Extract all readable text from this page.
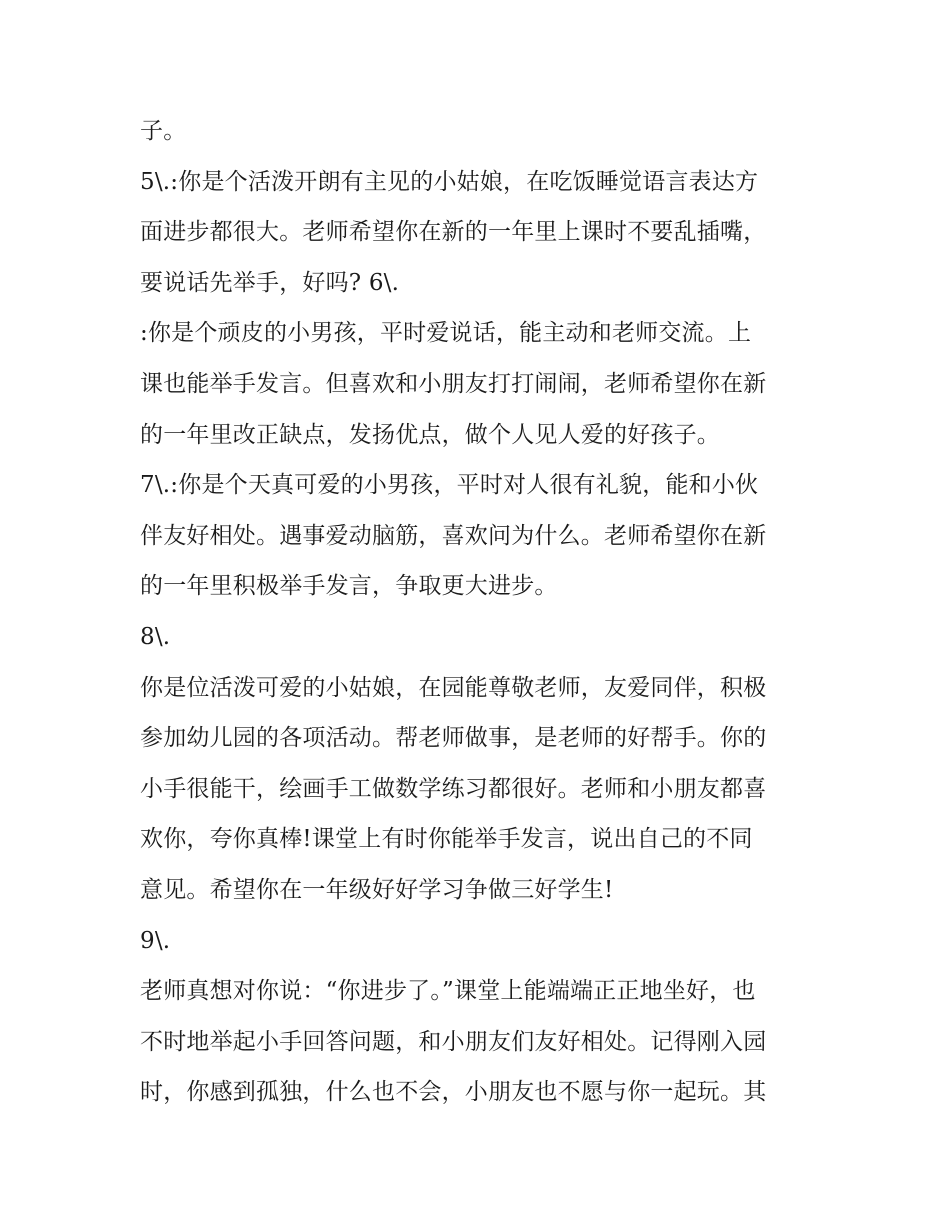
子。
5\.:你是个活泼开朗有主见的小姑娘，在吃饭睡觉语言表达方
面进步都很大。老师希望你在新的一年里上课时不要乱插嘴，
要说话先举手，好吗? 6\.
:你是个顽皮的小男孩，平时爱说话，能主动和老师交流。上
课也能举手发言。但喜欢和小朋友打打闹闹，老师希望你在新
的一年里改正缺点，发扬优点，做个人见人爱的好孩子。
7\.:你是个天真可爱的小男孩，平时对人很有礼貌，能和小伙
伴友好相处。遇事爱动脑筋，喜欢问为什么。老师希望你在新
的一年里积极举手发言，争取更大进步。
8\.
你是位活泼可爱的小姑娘，在园能尊敬老师，友爱同伴，积极
参加幼儿园的各项活动。帮老师做事，是老师的好帮手。你的
小手很能干，绘画手工做数学练习都很好。老师和小朋友都喜
欢你，夸你真棒!课堂上有时你能举手发言，说出自己的不同
意见。希望你在一年级好好学习争做三好学生!
9\.
老师真想对你说：“你进步了。”课堂上能端端正正地坐好，也
不时地举起小手回答问题，和小朋友们友好相处。记得刚入园
时，你感到孤独，什么也不会，小朋友也不愿与你一起玩。其
